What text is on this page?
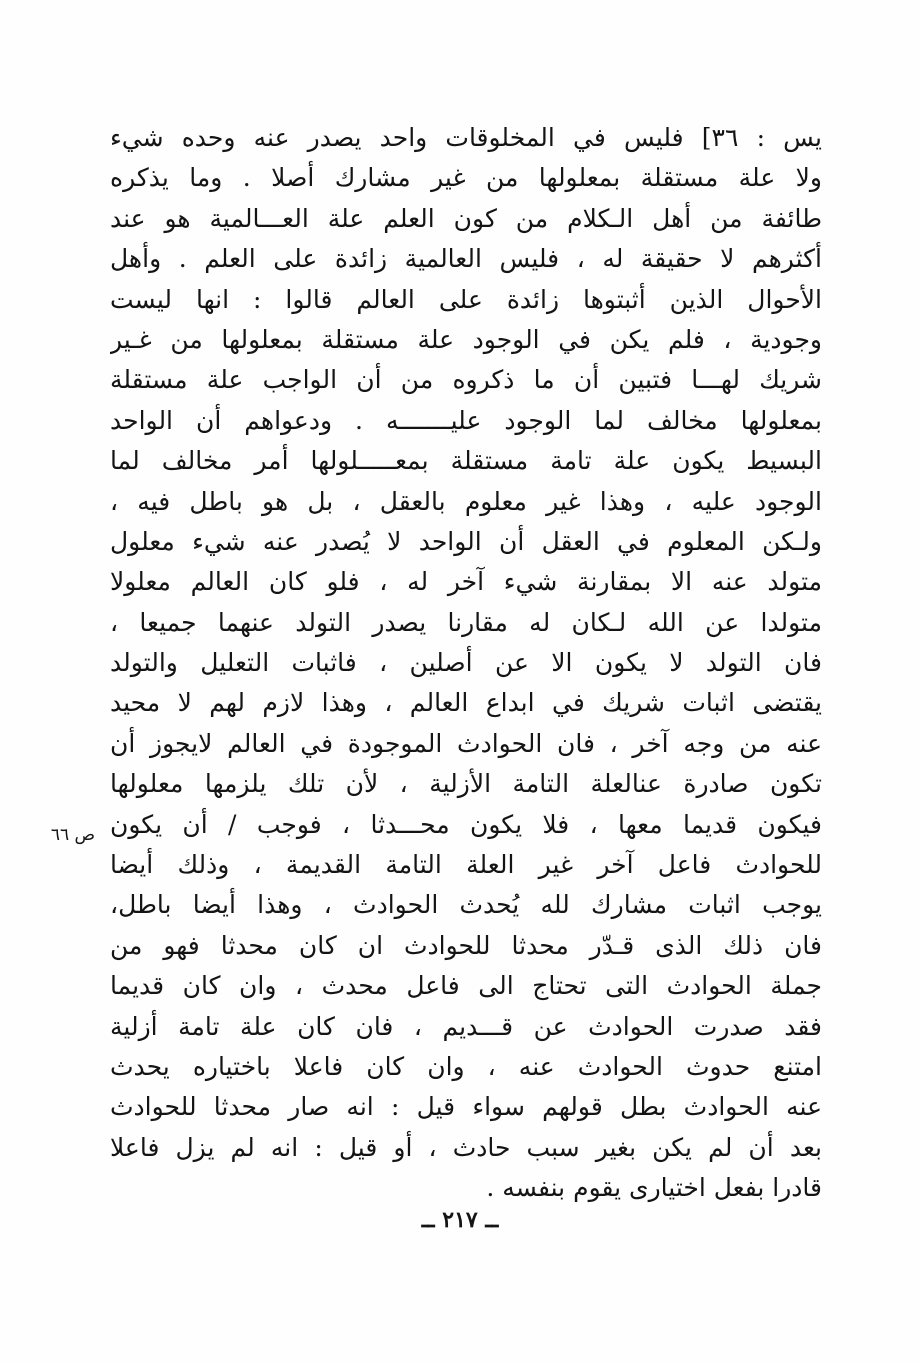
يس : ٣٦] فليس في المخلوقات واحد يصدر عنه وحده شيء
ولا علة مستقلة بمعلولها من غير مشارك أصلا . وما يذكره
طائفة من أهل الـكلام من كون العلم علة العـــالمية هو عند
أكثرهم لا حقيقة له ، فليس العالمية زائدة على العلم . وأهل
الأحوال الذين أثبتوها زائدة على العالم قالوا : انها ليست
وجودية ، فلم يكن في الوجود علة مستقلة بمعلولها من غـير
شريك لهـــا فتبين أن ما ذكروه من أن الواجب علة مستقلة
بمعلولها مخالف لما الوجود عليـــــــه . ودعواهم أن الواحد
البسيط يكون علة تامة مستقلة بمعـــــلولها أمر مخالف لما
الوجود عليه ، وهذا غير معلوم بالعقل ، بل هو باطل فيه ،
ولـكن المعلوم في العقل أن الواحد لا يُصدر عنه شيء معلول
متولد عنه الا بمقارنة شيء آخر له ، فلو كان العالم معلولا
متولدا عن الله لـكان له مقارنا يصدر التولد عنهما جميعا ،
فان التولد لا يكون الا عن أصلين ، فاثبات التعليل والتولد
يقتضى اثبات شريك في ابداع العالم ، وهذا لازم لهم لا محيد
عنه من وجه آخر ، فان الحوادث الموجودة في العالم لايجوز أن
تكون صادرة عنالعلة التامة الأزلية ، لأن تلك يلزمها معلولها
فيكون قديما معها ، فلا يكون محـــدثا ، فوجب / أن يكون
للحوادث فاعل آخر غير العلة التامة القديمة ، وذلك أيضا
يوجب اثبات مشارك لله يُحدث الحوادث ، وهذا أيضا باطل،
فان ذلك الذى قـدّر محدثا للحوادث ان كان محدثا فهو من
جملة الحوادث التى تحتاج الى فاعل محدث ، وان كان قديما
فقد صدرت الحوادث عن قـــديم ، فان كان علة تامة أزلية
امتنع حدوث الحوادث عنه ، وان كان فاعلا باختياره يحدث
عنه الحوادث بطل قولهم سواء قيل : انه صار محدثا للحوادث
بعد أن لم يكن بغير سبب حادث ، أو قيل : انه لم يزل فاعلا
قادرا بفعل اختيارى يقوم بنفسه .
ص ٦٦
ــ ٢١٧ ــ
